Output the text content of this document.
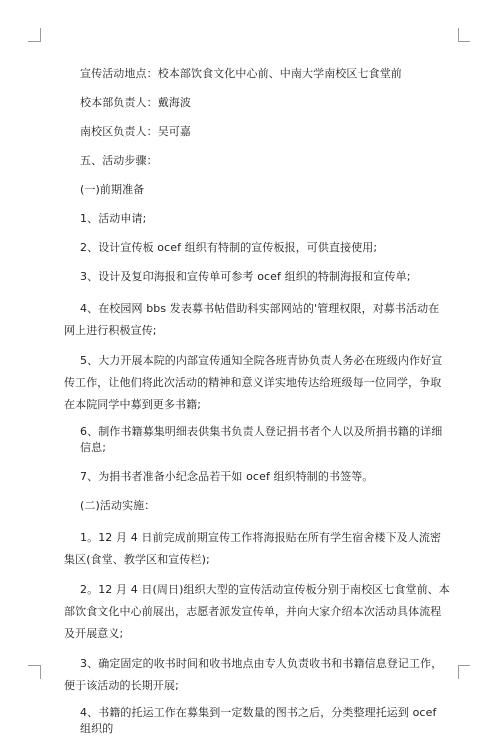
宣传活动地点：校本部饮食文化中心前、中南大学南校区七食堂前

校本部负责人：戴海波

南校区负责人：吴可嘉

五、活动步骤：

(一)前期准备

1、活动申请;

2、设计宣传板 ocef 组织有特制的宣传板报，可供直接使用;

3、设计及复印海报和宣传单可参考 ocef 组织的特制海报和宣传单;

4、在校园网 bbs 发表募书帖借助科实部网站的'管理权限，对募书活动在网上进行积极宣传;

5、大力开展本院的内部宣传通知全院各班青协负责人务必在班级内作好宣传工作，让他们将此次活动的精神和意义详实地传达给班级每一位同学，争取在本院同学中募到更多书籍;

6、制作书籍募集明细表供集书负责人登记捐书者个人以及所捐书籍的详细信息;

7、为捐书者准备小纪念品若干如 ocef 组织特制的书签等。

(二)活动实施：

1。12 月 4 日前完成前期宣传工作将海报贴在所有学生宿舍楼下及人流密集区(食堂、教学区和宣传栏);

2。12 月 4 日(周日)组织大型的宣传活动宣传板分别于南校区七食堂前、本部饮食文化中心前展出，志愿者派发宣传单，并向大家介绍本次活动具体流程及开展意义;

3、确定固定的收书时间和收书地点由专人负责收书和书籍信息登记工作，便于该活动的长期开展;

4、书籍的托运工作在募集到一定数量的图书之后，分类整理托运到 ocef 组织的
